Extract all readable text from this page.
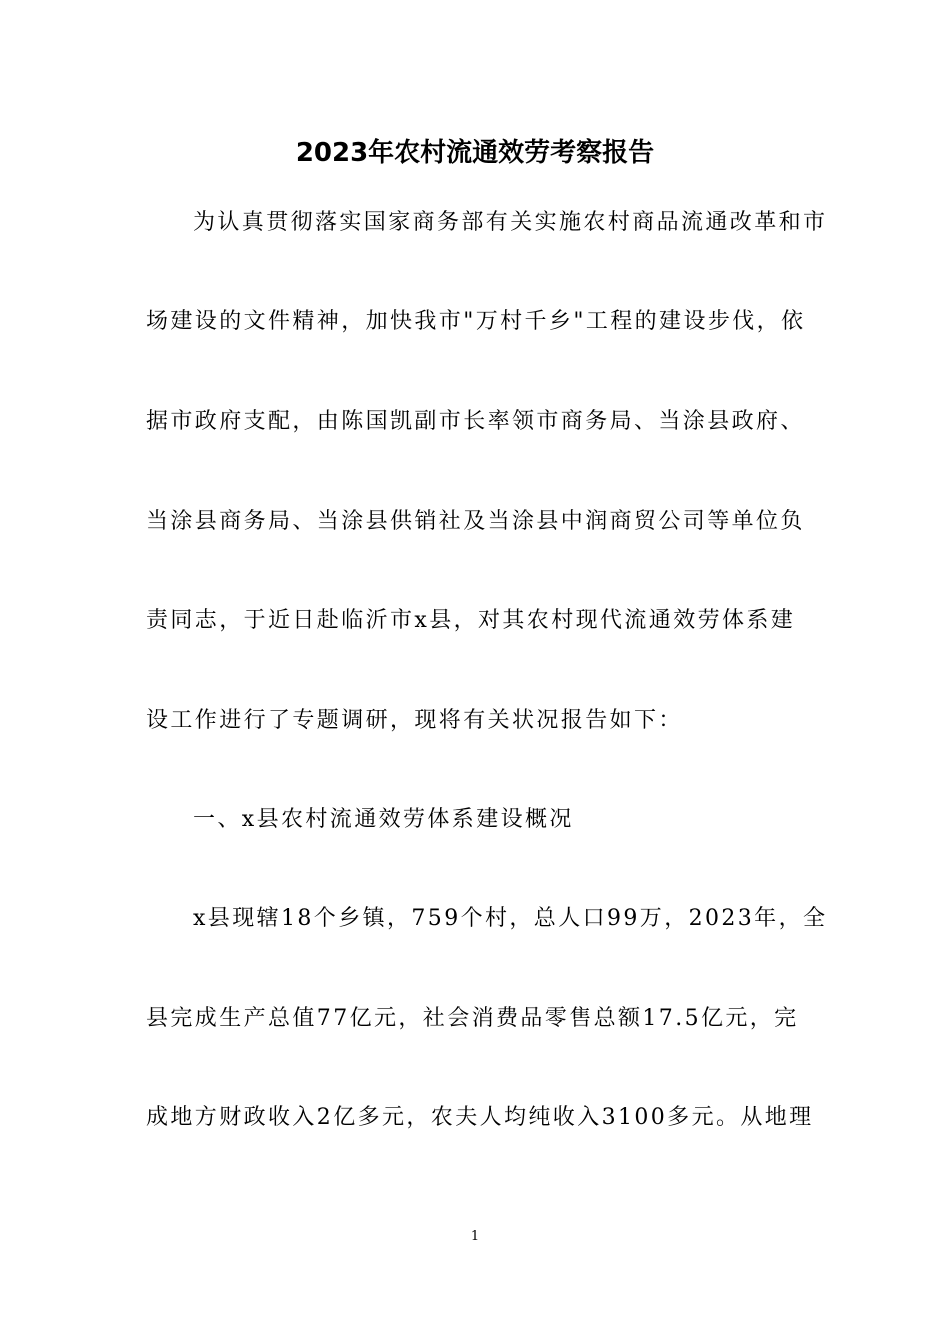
2023年农村流通效劳考察报告
为认真贯彻落实国家商务部有关实施农村商品流通改革和市
场建设的文件精神，加快我市"万村千乡"工程的建设步伐，依
据市政府支配，由陈国凯副市长率领市商务局、当涂县政府、
当涂县商务局、当涂县供销社及当涂县中润商贸公司等单位负
责同志，于近日赴临沂市x县，对其农村现代流通效劳体系建
设工作进行了专题调研，现将有关状况报告如下：
一、x县农村流通效劳体系建设概况
x县现辖18个乡镇，759个村，总人口99万，2023年，全
县完成生产总值77亿元，社会消费品零售总额17.5亿元，完
成地方财政收入2亿多元，农夫人均纯收入3100多元。从地理
1
